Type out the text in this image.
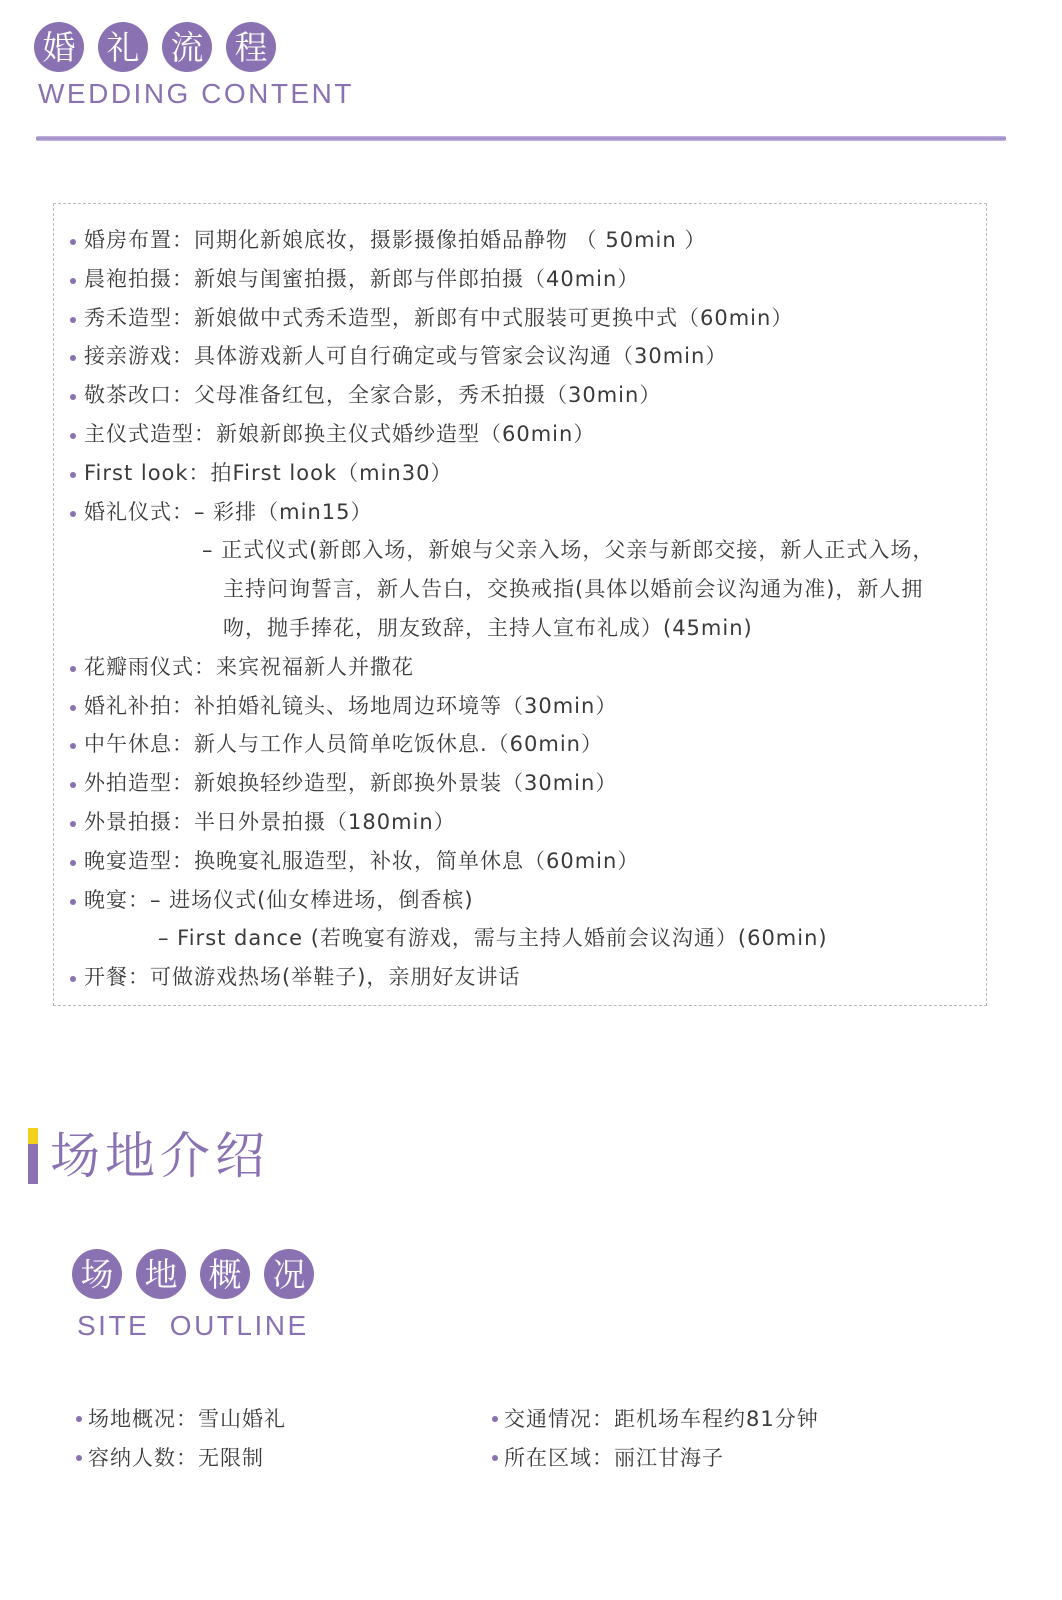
婚 礼 流 程
WEDDING CONTENT
婚房布置：同期化新娘底妆，摄影摄像拍婚品静物 （ 50min ）
晨袍拍摄：新娘与闺蜜拍摄，新郎与伴郎拍摄（40min）
秀禾造型：新娘做中式秀禾造型，新郎有中式服装可更换中式（60min）
接亲游戏：具体游戏新人可自行确定或与管家会议沟通（30min）
敬茶改口：父母准备红包，全家合影，秀禾拍摄（30min）
主仪式造型：新娘新郎换主仪式婚纱造型（60min）
First look：拍First look（min30）
婚礼仪式：– 彩排（min15）
– 正式仪式(新郎入场，新娘与父亲入场，父亲与新郎交接，新人正式入场，
主持问询誓言，新人告白，交换戒指(具体以婚前会议沟通为准)，新人拥
吻，抛手捧花，朋友致辞，主持人宣布礼成）(45min)
花瓣雨仪式：来宾祝福新人并撒花
婚礼补拍：补拍婚礼镜头、场地周边环境等（30min）
中午休息：新人与工作人员简单吃饭休息.（60min）
外拍造型：新娘换轻纱造型，新郎换外景装（30min）
外景拍摄：半日外景拍摄（180min）
晚宴造型：换晚宴礼服造型，补妆，简单休息（60min）
晚宴：– 进场仪式(仙女棒进场，倒香槟)
– First dance (若晚宴有游戏，需与主持人婚前会议沟通）(60min)
开餐：可做游戏热场(举鞋子)，亲朋好友讲话
场地介绍
场 地 概 况
SITE  OUTLINE
场地概况：雪山婚礼
容纳人数：无限制
交通情况：距机场车程约81分钟
所在区域：丽江甘海子
